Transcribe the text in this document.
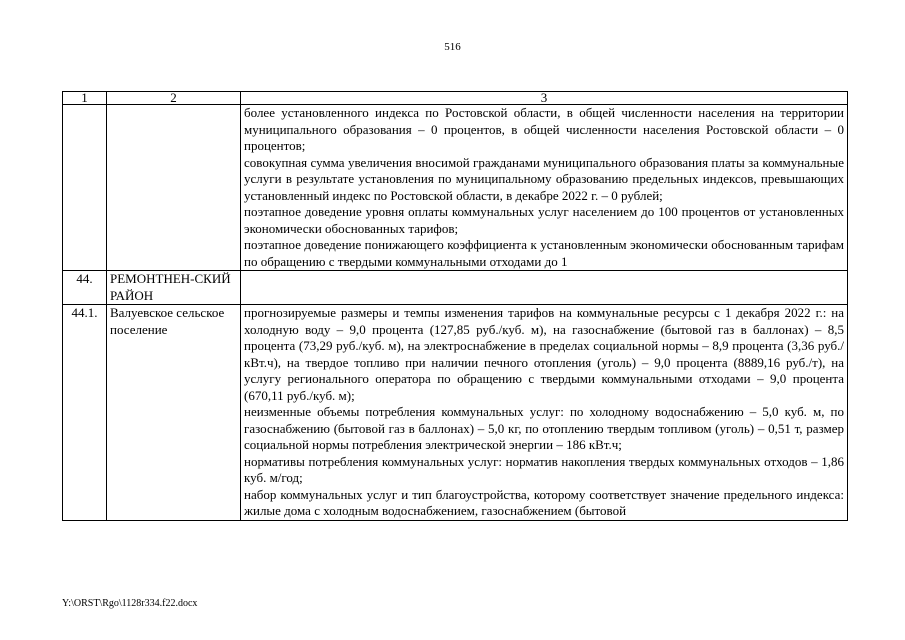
516
1	2	3

		более установленного индекса по Ростовской области, в общей численности населения на территории муниципального образования – 0 процентов, в общей численности населения Ростовской области – 0 процентов;
совокупная сумма увеличения вносимой гражданами муниципального образования платы за коммунальные услуги в результате установления по муниципальному образованию предельных индексов, превышающих установленный индекс по Ростовской области, в декабре 2022 г. – 0 рублей;
поэтапное доведение уровня оплаты коммунальных услуг населением до 100 процентов от установленных экономически обоснованных тарифов;
поэтапное доведение понижающего коэффициента к установленным экономически обоснованным тарифам по обращению с твердыми коммунальными отходами до 1

44.	РЕМОНТНЕН-СКИЙ РАЙОН	
44.1.	Валуевское сельское поселение	прогнозируемые размеры и темпы изменения тарифов на коммунальные ресурсы с 1 декабря 2022 г.: на холодную воду – 9,0 процента (127,85 руб./куб. м), на газоснабжение (бытовой газ в баллонах) – 8,5 процента (73,29 руб./куб. м), на электроснабжение в пределах социальной нормы – 8,9 процента (3,36 руб./кВт.ч), на твердое топливо при наличии печного отопления (уголь) – 9,0 процента (8889,16 руб./т), на услугу регионального оператора по обращению с твердыми коммунальными отходами – 9,0 процента (670,11 руб./куб. м);
неизменные объемы потребления коммунальных услуг: по холодному водоснабжению – 5,0 куб. м, по газоснабжению (бытовой газ в баллонах) – 5,0 кг, по отоплению твердым топливом (уголь) – 0,51 т, размер социальной нормы потребления электрической энергии – 186 кВт.ч;
нормативы потребления коммунальных услуг: норматив накопления твердых коммунальных отходов – 1,86 куб. м/год;
набор коммунальных услуг и тип благоустройства, которому соответствует значение предельного индекса: жилые дома с холодным водоснабжением, газоснабжением (бытовой
Y:\ORST\Rgo\1128r334.f22.docx
